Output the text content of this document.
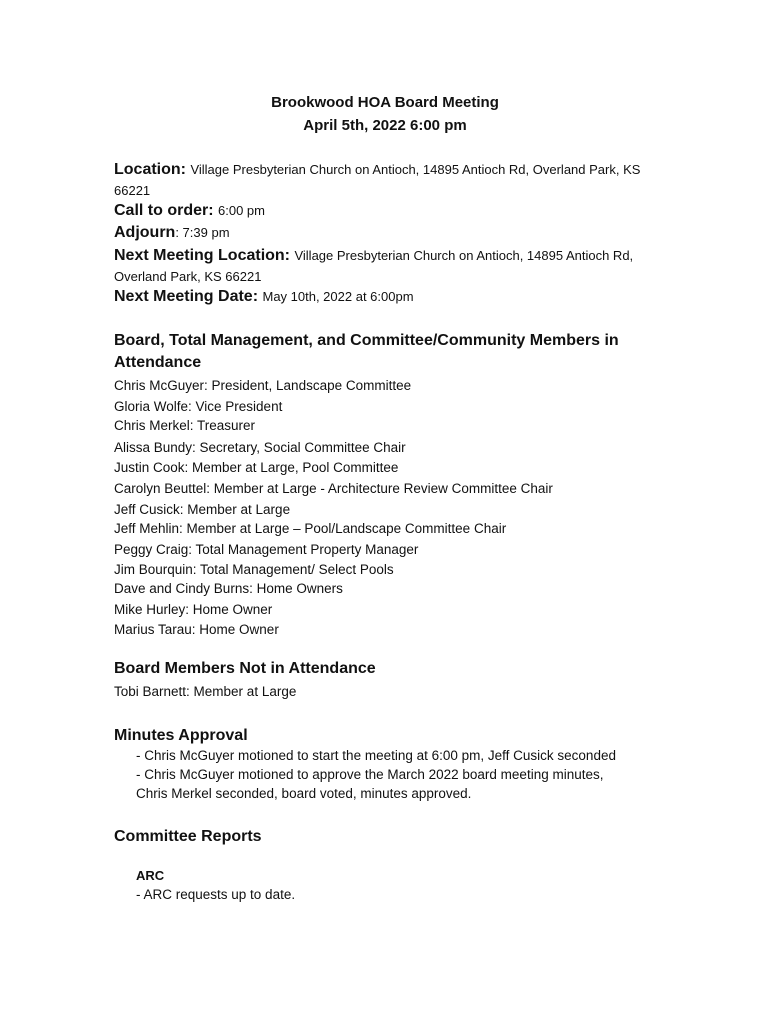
Brookwood HOA Board Meeting
April 5th, 2022 6:00 pm
Location: Village Presbyterian Church on Antioch, 14895 Antioch Rd, Overland Park, KS
66221
Call to order: 6:00 pm
Adjourn: 7:39 pm
Next Meeting Location: Village Presbyterian Church on Antioch, 14895 Antioch Rd,
Overland Park, KS 66221
Next Meeting Date: May 10th, 2022 at 6:00pm
Board, Total Management, and Committee/Community Members in
Attendance
Chris McGuyer: President, Landscape Committee
Gloria Wolfe: Vice President
Chris Merkel: Treasurer
Alissa Bundy: Secretary, Social Committee Chair
Justin Cook: Member at Large, Pool Committee
Carolyn Beuttel: Member at Large - Architecture Review Committee Chair
Jeff Cusick: Member at Large
Jeff Mehlin: Member at Large – Pool/Landscape Committee Chair
Peggy Craig: Total Management Property Manager
Jim Bourquin: Total Management/ Select Pools
Dave and Cindy Burns: Home Owners
Mike Hurley: Home Owner
Marius Tarau: Home Owner
Board Members Not in Attendance
Tobi Barnett: Member at Large
Minutes Approval
- Chris McGuyer motioned to start the meeting at 6:00 pm, Jeff Cusick seconded
- Chris McGuyer motioned to approve the March 2022 board meeting minutes,
Chris Merkel seconded, board voted, minutes approved.
Committee Reports
ARC
- ARC requests up to date.
